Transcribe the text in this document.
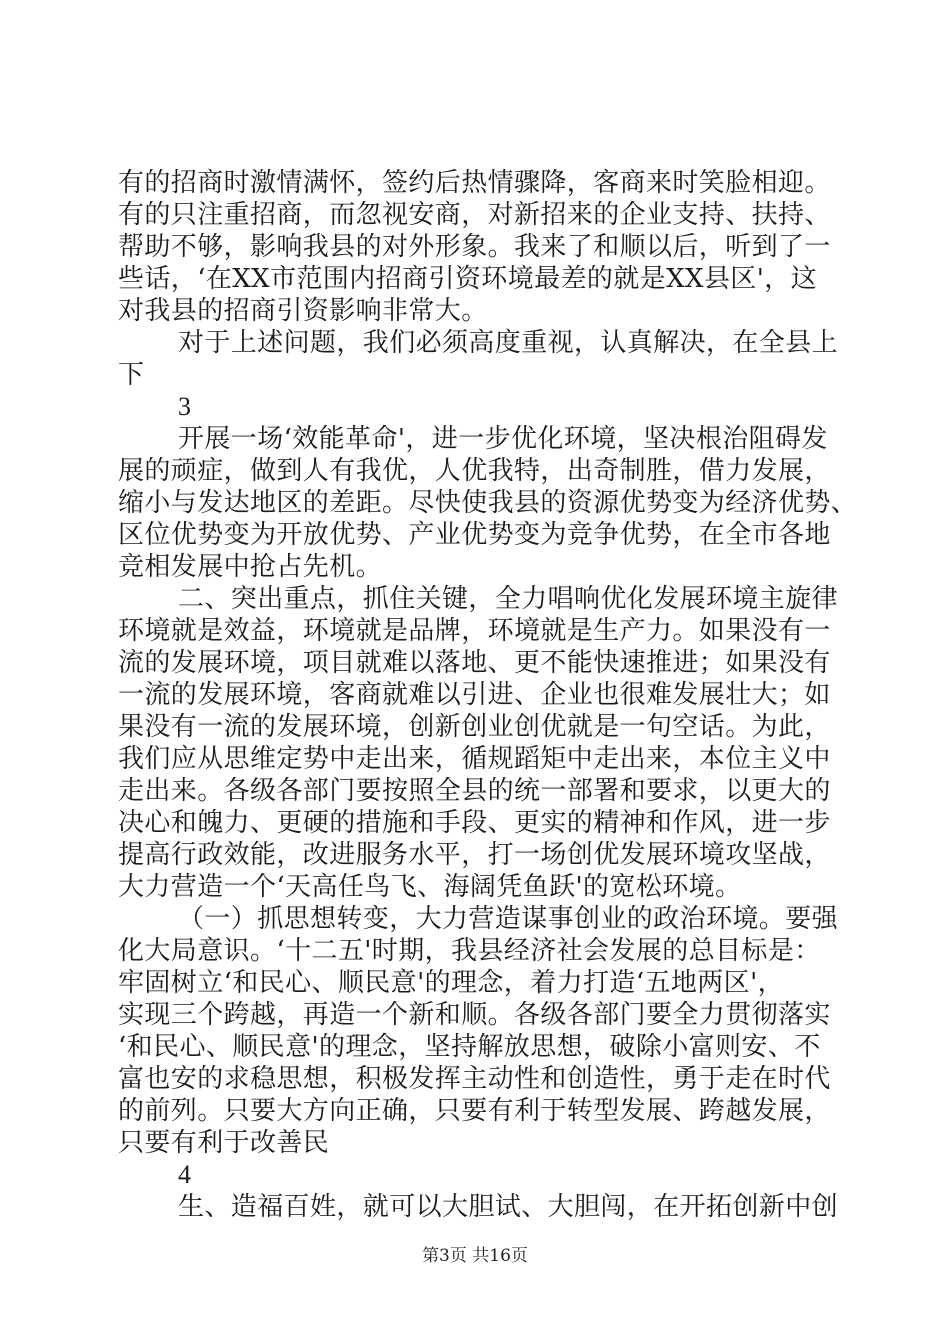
有的招商时激情满怀，签约后热情骤降，客商来时笑脸相迎。
有的只注重招商，而忽视安商，对新招来的企业支持、扶持、
帮助不够，影响我县的对外形象。我来了和顺以后，听到了一
些话，‘在XX市范围内招商引资环境最差的就是XX县区'，这
对我县的招商引资影响非常大。
对于上述问题，我们必须高度重视，认真解决，在全县上
下
3
开展一场‘效能革命'，进一步优化环境，坚决根治阻碍发
展的顽症，做到人有我优，人优我特，出奇制胜，借力发展，
缩小与发达地区的差距。尽快使我县的资源优势变为经济优势、
区位优势变为开放优势、产业优势变为竞争优势，在全市各地
竞相发展中抢占先机。
二、突出重点，抓住关键，全力唱响优化发展环境主旋律
环境就是效益，环境就是品牌，环境就是生产力。如果没有一
流的发展环境，项目就难以落地、更不能快速推进；如果没有
一流的发展环境，客商就难以引进、企业也很难发展壮大；如
果没有一流的发展环境，创新创业创优就是一句空话。为此，
我们应从思维定势中走出来，循规蹈矩中走出来，本位主义中
走出来。各级各部门要按照全县的统一部署和要求，以更大的
决心和魄力、更硬的措施和手段、更实的精神和作风，进一步
提高行政效能，改进服务水平，打一场创优发展环境攻坚战，
大力营造一个‘天高任鸟飞、海阔凭鱼跃'的宽松环境。
（一）抓思想转变，大力营造谋事创业的政治环境。要强
化大局意识。‘十二五'时期，我县经济社会发展的总目标是：
牢固树立‘和民心、顺民意'的理念，着力打造‘五地两区'，
实现三个跨越，再造一个新和顺。各级各部门要全力贯彻落实
‘和民心、顺民意'的理念，坚持解放思想，破除小富则安、不
富也安的求稳思想，积极发挥主动性和创造性，勇于走在时代
的前列。只要大方向正确，只要有利于转型发展、跨越发展，
只要有利于改善民
4
生、造福百姓，就可以大胆试、大胆闯，在开拓创新中创
第3页 共16页
